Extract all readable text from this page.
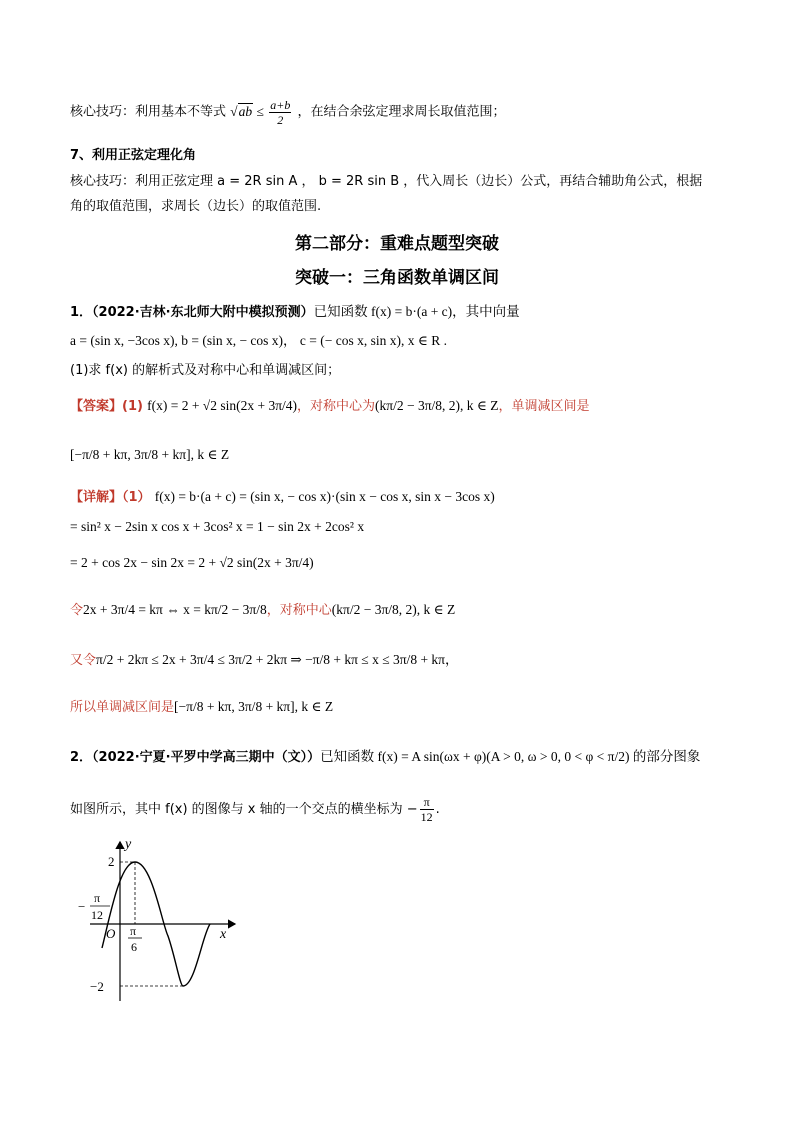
核心技巧：利用基本不等式 $√ab \le \frac{a+b}{2}$ ，在结合余弦定理求周长取值范围；
7、利用正弦定理化角
核心技巧：利用正弦定理 a = 2R sin A ， b = 2R sin B ，代入周长（边长）公式，再结合辅助角公式，根据
角的取值范围，求周长（边长）的取值范围.
第二部分：重难点题型突破
突破一：三角函数单调区间
1．（2022·吉林·东北师大附中模拟预测）已知函数 f(x) = b·(a + c)，其中向量
a = (sin x, −3cos x), b = (sin x, − cos x)， c = (− cos x, sin x), x ∈ R .
(1)求 f(x) 的解析式及对称中心和单调减区间；
【答案】(1) f(x) = 2 + √2 sin(2x + 3π/4)，对称中心为(kπ/2 − 3π/8, 2), k ∈ Z，单调减区间是
[−π/8 + kπ, 3π/8 + kπ], k ∈ Z
【详解】（1） f(x) = b·(a + c) = (sin x, − cos x)·(sin x − cos x, sin x − 3cos x)
= sin² x − 2sin x cos x + 3cos² x = 1 − sin 2x + 2cos² x
= 2 + cos 2x − sin 2x = 2 + √2 sin(2x + 3π/4)
令2x + 3π/4 = kπ ⇔ x = kπ/2 − 3π/8，对称中心(kπ/2 − 3π/8, 2), k ∈ Z
又令π/2 + 2kπ ≤ 2x + 3π/4 ≤ 3π/2 + 2kπ ⇒ −π/8 + kπ ≤ x ≤ 3π/8 + kπ，
所以单调减区间是[−π/8 + kπ, 3π/8 + kπ], k ∈ Z
2．（2022·宁夏·平罗中学高三期中（文））已知函数 f(x) = A sin(ωx + φ)(A > 0, ω > 0, 0 < φ < π/2) 的部分图象
如图所示，其中 f(x) 的图像与 x 轴的一个交点的横坐标为 − $\frac{\pi}{12}$ .
y
x
O
2
−2
−
π
12
π
6
